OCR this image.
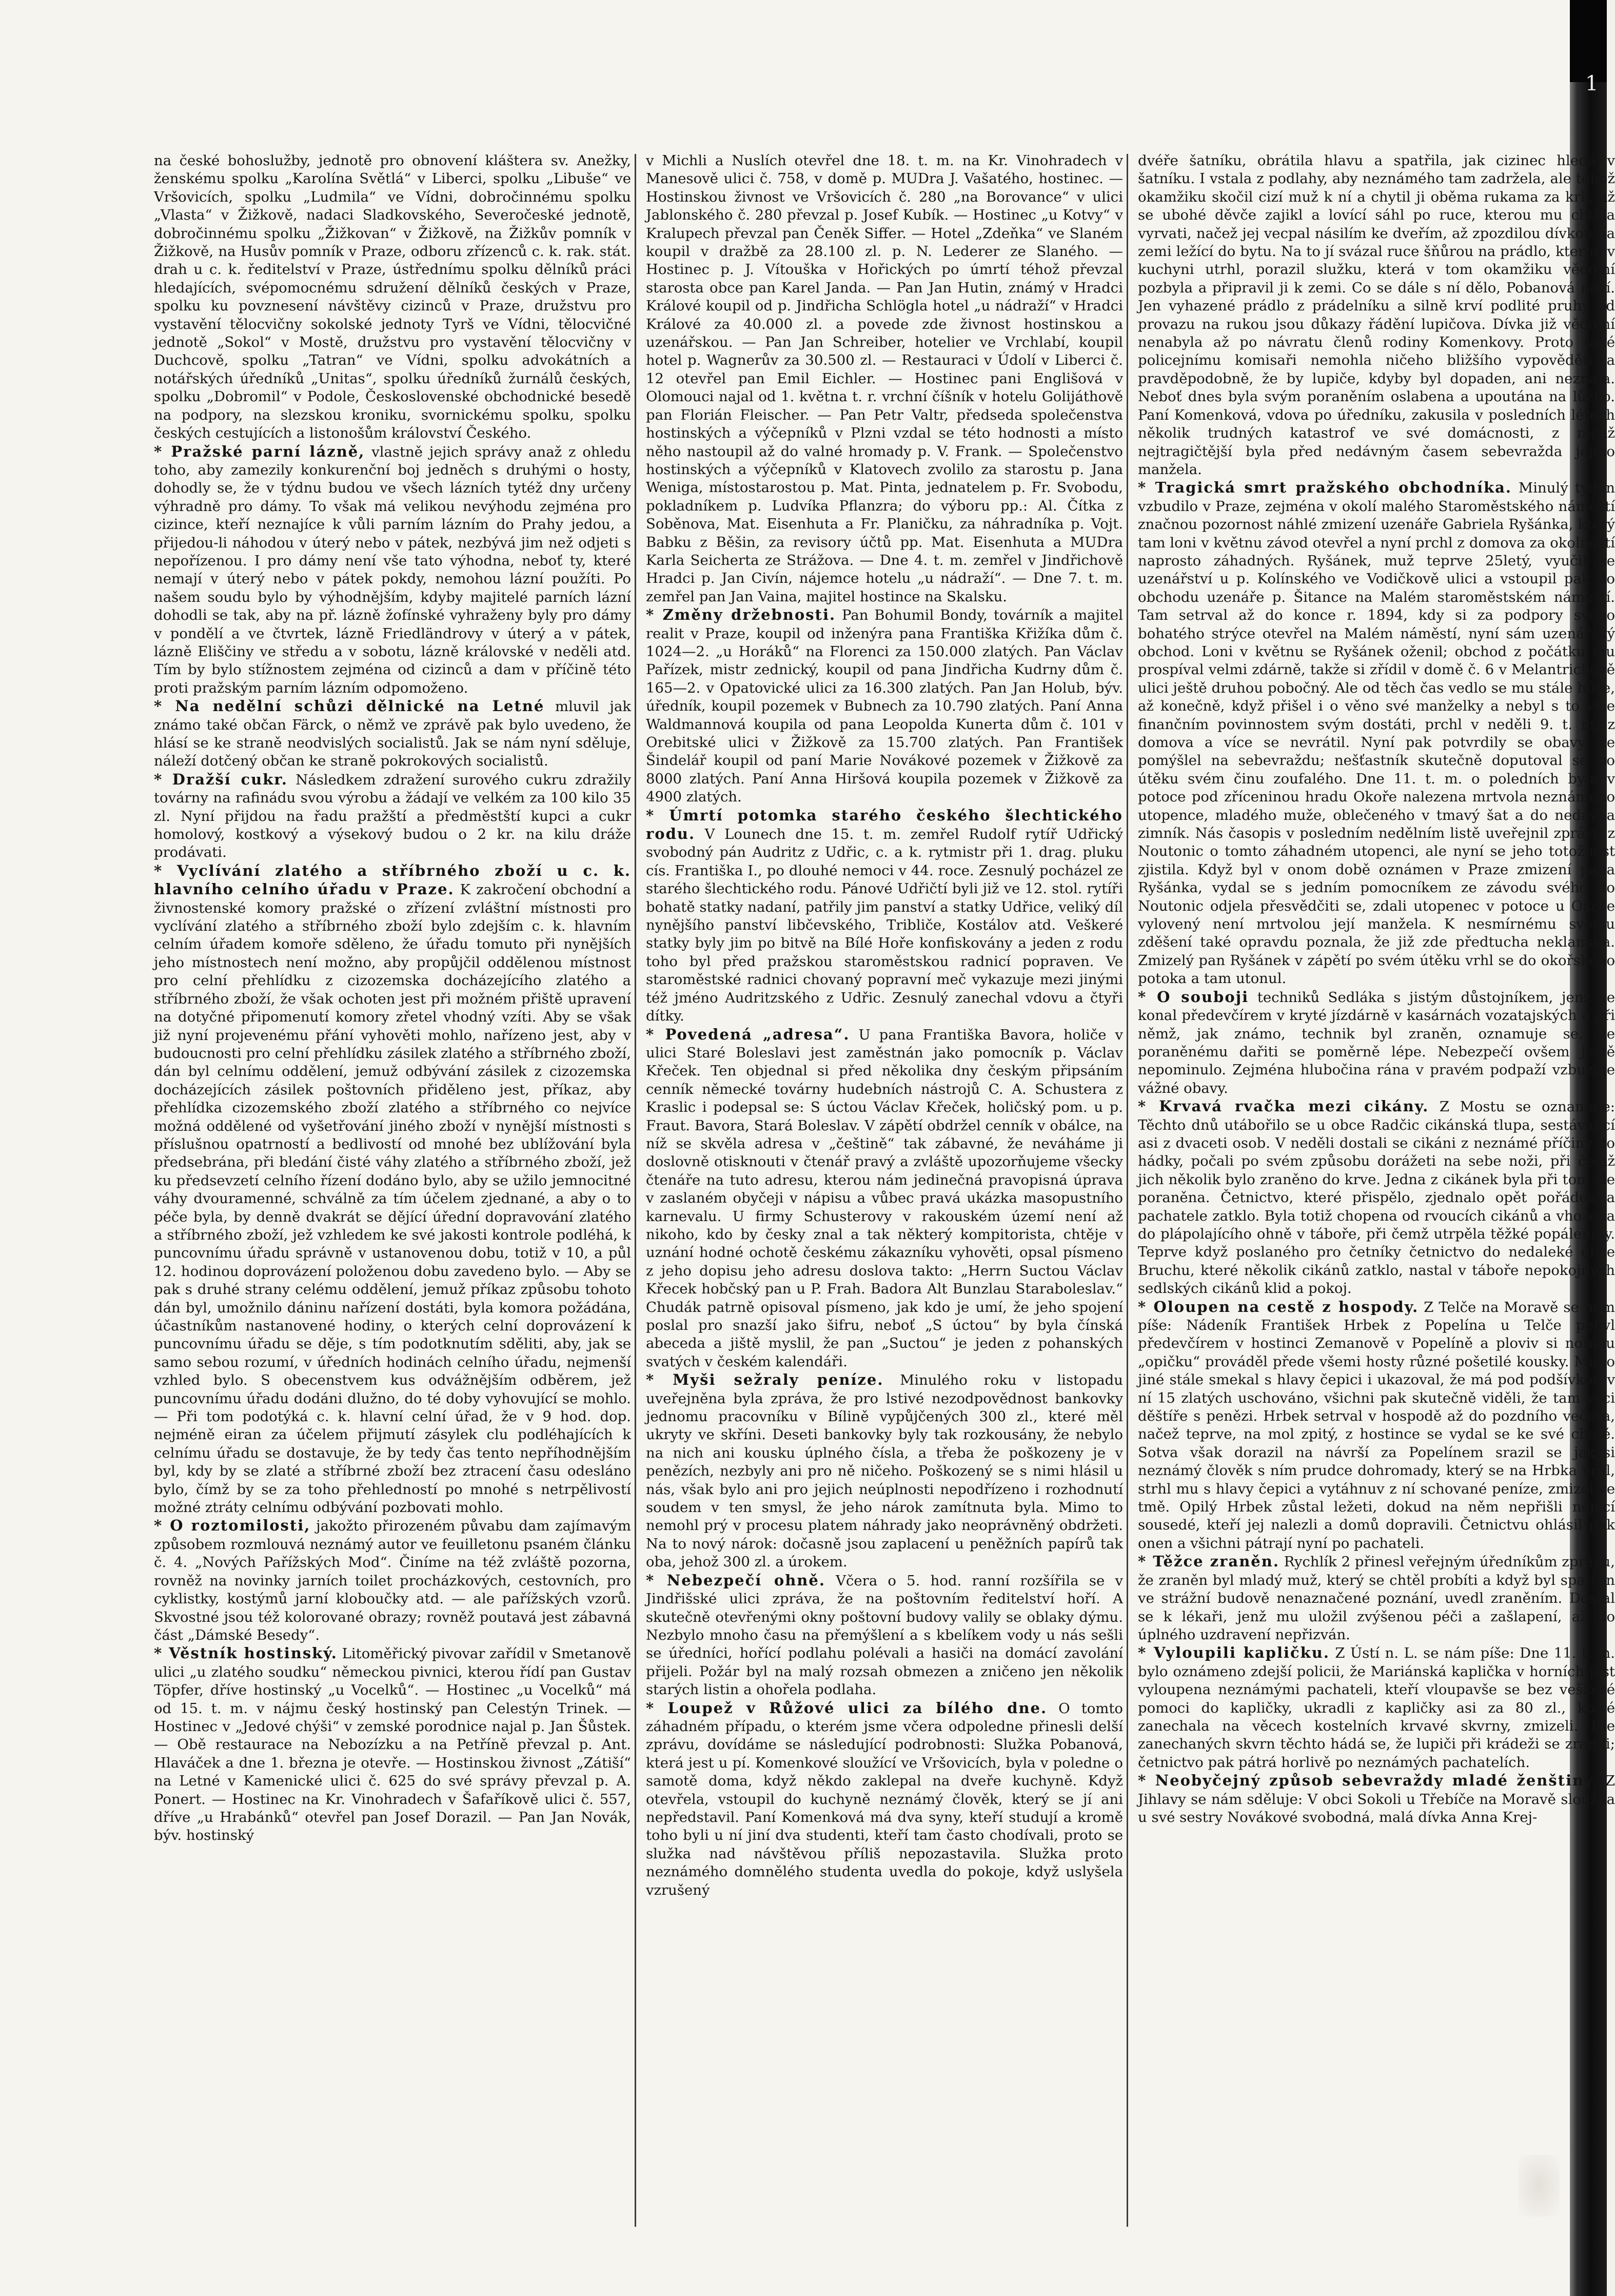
1

na české bohoslužby, jednotě pro obnovení kláštera sv. Anežky, ženskému spolku „Karolína Světlá“ v Liberci, spolku „Libuše“ ve Vršovicích, spolku „Ludmila“ ve Vídni, dobročinnému spolku „Vlasta“ v Žižkově, nadaci Sladkovského, Severočeské jednotě, dobročinnému spolku „Žižkovan“ v Žižkově, na Žižkův pomník v Žižkově, na Husův pomník v Praze, odboru zřízenců c. k. rak. stát. drah u c. k. ředitelství v Praze, ústřednímu spolku dělníků práci hledajících, svépomocnému sdružení dělníků českých v Praze, spolku ku povznesení návštěvy cizinců v Praze, družstvu pro vystavění tělocvičny sokolské jednoty Tyrš ve Vídni, tělocvičné jednotě „Sokol“ v Mostě, družstvu pro vystavění tělocvičny v Duchcově, spolku „Tatran“ ve Vídni, spolku advokátních a notářských úředníků „Unitas“, spolku úředníků žurnálů českých, spolku „Dobromil“ v Podole, Československé obchodnické besedě na podpory, na slezskou kroniku, svornickému spolku, spolku českých cestujících a listonošům království Českého.

* Pražské parní lázně, vlastně jejich správy anaž z ohledu toho, aby zamezily konkurenční boj jedněch s druhými o hosty, dohodly se, že v týdnu budou ve všech lázních tytéž dny určeny výhradně pro dámy. To však má velikou nevýhodu zejména pro cizince, kteří neznajíce k vůli parním lázním do Prahy jedou, a přijedou-li náhodou v úterý nebo v pátek, nezbývá jim než odjeti s nepořízenou. I pro dámy není vše tato výhodna, neboť ty, které nemají v úterý nebo v pátek pokdy, nemohou lázní použíti. Po našem soudu bylo by výhodnějším, kdyby majitelé parních lázní dohodli se tak, aby na př. lázně žofínské vyhraženy byly pro dámy v pondělí a ve čtvrtek, lázně Friedländrovy v úterý a v pátek, lázně Eliščiny ve středu a v sobotu, lázně královské v neděli atd. Tím by bylo stížnostem zejména od cizinců a dam v příčině této proti pražským parním lázním odpomoženo.

* Na nedělní schůzi dělnické na Letné mluvil jak známo také občan Färck, o němž ve zprávě pak bylo uvedeno, že hlásí se ke straně neodvislých socialistů. Jak se nám nyní sděluje, náleží dotčený občan ke straně pokrokových socialistů.

* Dražší cukr. Následkem zdražení surového cukru zdražily továrny na rafinádu svou výrobu a žádají ve velkém za 100 kilo 35 zl. Nyní přijdou na řadu pražští a předměstští kupci a cukr homolový, kostkový a výsekový budou o 2 kr. na kilu dráže prodávati.

* Vyclívání zlatého a stříbrného zboží u c. k. hlavního celního úřadu v Praze. K zakročení obchodní a živnostenské komory pražské o zřízení zvláštní místnosti pro vyclívání zlatého a stříbrného zboží bylo zdejším c. k. hlavním celním úřadem komoře sděleno, že úřadu tomuto při nynějších jeho místnostech není možno, aby propůjčil oddělenou místnost pro celní přehlídku z cizozemska docházejícího zlatého a stříbrného zboží, že však ochoten jest při možném přiště upravení na dotyčné připomenutí komory zřetel vhodný vzíti. Aby se však již nyní projevenému přání vyhověti mohlo, nařízeno jest, aby v budoucnosti pro celní přehlídku zásilek zlatého a stříbrného zboží, dán byl celnímu oddělení, jemuž odbývání zásilek z cizozemska docházejících zásilek poštovních přiděleno jest, příkaz, aby přehlídka cizozemského zboží zlatého a stříbrného co nejvíce možná oddělené od vyšetřování jiného zboží v nynější místnosti s příslušnou opatrností a bedlivostí od mnohé bez ublížování byla předsebrána, při bledání čisté váhy zlatého a stříbrného zboží, jež ku předsevzetí celního řízení dodáno bylo, aby se užilo jemnocitné váhy dvouramenné, schválně za tím účelem zjednané, a aby o to péče byla, by denně dvakrát se dějící úřední dopravování zlatého a stříbrného zboží, jež vzhledem ke své jakosti kontrole podléhá, k puncovnímu úřadu správně v ustanovenou dobu, totiž v 10, a půl 12. hodinou doprovázení položenou dobu zavedeno bylo. — Aby se pak s druhé strany celému oddělení, jemuž příkaz způsobu tohoto dán byl, umožnilo dáninu nařízení dostáti, byla komora požádána, účastníkům nastanovené hodiny, o kterých celní doprovázení k puncovnímu úřadu se děje, s tím podotknutím sděliti, aby, jak se samo sebou rozumí, v úředních hodinách celního úřadu, nejmenší vzhled bylo. S obecenstvem kus odvážnějším odběrem, jež puncovnímu úřadu dodáni dlužno, do té doby vyhovující se mohlo. — Při tom podotýká c. k. hlavní celní úřad, že v 9 hod. dop. nejméně eiran za účelem přijmutí zásylek clu podléhajících k celnímu úřadu se dostavuje, že by tedy čas tento nepříhodnějším byl, kdy by se zlaté a stříbrné zboží bez ztracení času odesláno bylo, čímž by se za toho přehledností po mnohé s netrpělivostí možné ztráty celnímu odbývání pozbovati mohlo.

* O roztomilosti, jakožto přirozeném půvabu dam zajímavým způsobem rozmlouvá neznámý autor ve feuilletonu psaném článku č. 4. „Nových Pařížských Mod“. Činíme na též zvláště pozorna, rovněž na novinky jarních toilet procházkových, cestovních, pro cyklistky, kostýmů jarní kloboučky atd. — ale pařížských vzorů. Skvostné jsou též kolorované obrazy; rovněž poutavá jest zábavná část „Dámské Besedy“.

* Věstník hostinský. Litoměřický pivovar zařídil v Smetanově ulici „u zlatého soudku“ německou pivnici, kterou řídí pan Gustav Töpfer, dříve hostinský „u Vocelků“. — Hostinec „u Vocelků“ má od 15. t. m. v nájmu český hostinský pan Celestýn Trinek. — Hostinec v „Jedové chýši“ v zemské porodnice najal p. Jan Šůstek. — Obě restaurace na Nebozízku a na Petříně převzal p. Ant. Hlaváček a dne 1. března je otevře. — Hostinskou živnost „Zátiší“ na Letné v Kamenické ulici č. 625 do své správy převzal p. A. Ponert. — Hostinec na Kr. Vinohradech v Šafaříkově ulici č. 557, dříve „u Hrabánků“ otevřel pan Josef Dorazil. — Pan Jan Novák, býv. hostinský

v Michli a Nuslích otevřel dne 18. t. m. na Kr. Vinohradech v Manesově ulici č. 758, v domě p. MUDra J. Vašatého, hostinec. — Hostinskou živnost ve Vršovicích č. 280 „na Borovance“ v ulici Jablonského č. 280 převzal p. Josef Kubík. — Hostinec „u Kotvy“ v Kralupech převzal pan Čeněk Siffer. — Hotel „Zdeňka“ ve Slaném koupil v dražbě za 28.100 zl. p. N. Lederer ze Slaného. — Hostinec p. J. Vítouška v Hořických po úmrtí téhož převzal starosta obce pan Karel Janda. — Pan Jan Hutin, známý v Hradci Králové koupil od p. Jindřicha Schlögla hotel „u nádraží“ v Hradci Králové za 40.000 zl. a povede zde živnost hostinskou a uzenářskou. — Pan Jan Schreiber, hotelier ve Vrchlabí, koupil hotel p. Wagnerův za 30.500 zl. — Restauraci v Údolí v Liberci č. 12 otevřel pan Emil Eichler. — Hostinec pani Englišová v Olomouci najal od 1. května t. r. vrchní číšník v hotelu Golijáthově pan Florián Fleischer. — Pan Petr Valtr, předseda společenstva hostinských a výčepníků v Plzni vzdal se této hodnosti a místo něho nastoupil až do valné hromady p. V. Frank. — Společenstvo hostinských a výčepníků v Klatovech zvolilo za starostu p. Jana Weniga, místostarostou p. Mat. Pinta, jednatelem p. Fr. Svobodu, pokladníkem p. Ludvíka Pflanzra; do výboru pp.: Al. Čítka z Soběnova, Mat. Eisenhuta a Fr. Planičku, za náhradníka p. Vojt. Babku z Běšin, za revisory účtů pp. Mat. Eisenhuta a MUDra Karla Seicherta ze Strážova. — Dne 4. t. m. zemřel v Jindřichově Hradci p. Jan Civín, nájemce hotelu „u nádraží“. — Dne 7. t. m. zemřel pan Jan Vaina, majitel hostince na Skalsku.

* Změny držebnosti. Pan Bohumil Bondy, továrník a majitel realit v Praze, koupil od inženýra pana Františka Křižíka dům č. 1024—2. „u Horáků“ na Florenci za 150.000 zlatých. Pan Václav Pařízek, mistr zednický, koupil od pana Jindřicha Kudrny dům č. 165—2. v Opatovické ulici za 16.300 zlatých. Pan Jan Holub, býv. úředník, koupil pozemek v Bubnech za 10.790 zlatých. Paní Anna Waldmannová koupila od pana Leopolda Kunerta dům č. 101 v Orebitské ulici v Žižkově za 15.700 zlatých. Pan František Šindelář koupil od paní Marie Novákové pozemek v Žižkově za 8000 zlatých. Paní Anna Hiršová koupila pozemek v Žižkově za 4900 zlatých.

* Úmrtí potomka starého českého šlechtického rodu. V Lounech dne 15. t. m. zemřel Rudolf rytíř Udřický svobodný pán Audritz z Udřic, c. a k. rytmistr při 1. drag. pluku cís. Františka I., po dlouhé nemoci v 44. roce. Zesnulý pocházel ze starého šlechtického rodu. Pánové Udřičtí byli již ve 12. stol. rytíři bohatě statky nadaní, patřily jim panství a statky Udřice, veliký díl nynějšího panství libčevského, Tribliče, Kostálov atd. Veškeré statky byly jim po bitvě na Bílé Hoře konfiskovány a jeden z rodu toho byl před pražskou staroměstskou radnicí popraven. Ve staroměstské radnici chovaný popravní meč vykazuje mezi jinými též jméno Audritzského z Udřic. Zesnulý zanechal vdovu a čtyři dítky.

* Povedená „adresa“. U pana Františka Bavora, holiče v ulici Staré Boleslavi jest zaměstnán jako pomocník p. Václav Křeček. Ten objednal si před několika dny českým připsáním cenník německé továrny hudebních nástrojů C. A. Schustera z Kraslic i podepsal se: S úctou Václav Křeček, holičský pom. u p. Fraut. Bavora, Stará Boleslav. V zápětí obdržel cenník v obálce, na níž se skvěla adresa v „češtině“ tak zábavné, že neváháme ji doslovně otisknouti v čtenář pravý a zvláště upozorňujeme všecky čtenáře na tuto adresu, kterou nám jedinečná pravopisná úprava v zaslaném obyčeji v nápisu a vůbec pravá ukázka masopustního karnevalu. U firmy Schusterovy v rakouském území není až nikoho, kdo by česky znal a tak některý kompitorista, chtěje v uznání hodné ochotě českému zákazníku vyhověti, opsal písmeno z jeho dopisu jeho adresu doslova takto: „Herrn Suctou Václav Křecek hobčský pan u P. Frah. Badora Alt Bunzlau Staraboleslav.“ Chudák patrně opisoval písmeno, jak kdo je umí, že jeho spojení poslal pro snazší jako šifru, neboť „S úctou“ by byla čínská abeceda a jiště myslil, že pan „Suctou“ je jeden z pohanských svatých v českém kalendáři.

* Myši sežraly peníze. Minulého roku v listopadu uveřejněna byla zpráva, že pro lstivé nezodpovědnost bankovky jednomu pracovníku v Bílině vypůjčených 300 zl., které měl ukryty ve skříni. Deseti bankovky byly tak rozkousány, že nebylo na nich ani kousku úplného čísla, a třeba že poškozeny je v penězích, nezbyly ani pro ně ničeho. Poškozený se s nimi hlásil u nás, však bylo ani pro jejich neúplnosti nepodřízeno i rozhodnutí soudem v ten smysl, že jeho nárok zamítnuta byla. Mimo to nemohl prý v procesu platem náhrady jako neoprávněný obdržeti. Na to nový nárok: dočasně jsou zaplacení u peněžních papírů tak oba, jehož 300 zl. a úrokem.

* Nebezpečí ohně. Včera o 5. hod. ranní rozšířila se v Jindřišské ulici zpráva, že na poštovním ředitelství hoří. A skutečně otevřenými okny poštovní budovy valily se oblaky dýmu. Nezbylo mnoho času na přemýšlení a s kbelíkem vody u nás sešli se úředníci, hořící podlahu polévali a hasiči na domácí zavolání přijeli. Požár byl na malý rozsah obmezen a zničeno jen několik starých listin a ohořela podlaha.

* Loupež v Růžové ulici za bílého dne. O tomto záhadném případu, o kterém jsme včera odpoledne přinesli delší zprávu, dovídáme se následující podrobnosti: Služka Pobanová, která jest u pí. Komenkové sloužící ve Vršovicích, byla v poledne o samotě doma, když někdo zaklepal na dveře kuchyně. Když otevřela, vstoupil do kuchyně neznámý člověk, který se jí ani nepředstavil. Paní Komenková má dva syny, kteří studují a kromě toho byli u ní jiní dva studenti, kteří tam často chodívali, proto se služka nad návštěvou příliš nepozastavila. Služka proto neznámého domnělého studenta uvedla do pokoje, když uslyšela vzrušený

dvéře šatníku, obrátila hlavu a spatřila, jak cizinec hledá v šatníku. I vstala z podlahy, aby neznámého tam zadržela, ale téhož okamžiku skočil cizí muž k ní a chytil ji oběma rukama za krk, až se ubohé děvče zajikl a lovící sáhl po ruce, kterou mu chtěla vyrvati, načež jej vecpal násilím ke dveřím, až zpozdilou dívkou na zemi ležící do bytu. Na to jí svázal ruce šňůrou na prádlo, kterou v kuchyni utrhl, porazil služku, která v tom okamžiku vědomí pozbyla a připravil ji k zemi. Co se dále s ní dělo, Pobanová neví. Jen vyhazené prádlo z prádelníku a silně krví podlité pruhy od provazu na rukou jsou důkazy řádění lupičova. Dívka již vědomí nenabyla až po návratu členů rodiny Komenkovy. Proto také policejnímu komisaři nemohla ničeho bližšího vypověděti a pravděpodobně, že by lupiče, kdyby byl dopaden, ani neznala. Neboť dnes byla svým poraněním oslabena a upoutána na lůžko. Paní Komenková, vdova po úředníku, zakusila v posledních létech několik trudných katastrof ve své domácnosti, z nichž nejtragičtější byla před nedávným časem sebevražda jejího manžela.

* Tragická smrt pražského obchodníka. Minulý týden vzbudilo v Praze, zejména v okolí malého Staroměstského náměstí značnou pozornost náhlé zmizení uzenáře Gabriela Ryšánka, který tam loni v květnu závod otevřel a nyní prchl z domova za okolností naprosto záhadných. Ryšánek, muž teprve 25letý, vyučil se uzenářství u p. Kolínského ve Vodičkově ulici a vstoupil pak do obchodu uzenáře p. Šitance na Malém staroměstském náměstí. Tam setrval až do konce r. 1894, kdy si za podpory svého bohatého strýce otevřel na Malém náměstí, nyní sám uzenářský obchod. Loni v květnu se Ryšánek oženil; obchod z počátku mu prospíval velmi zdárně, takže si zřídil v domě č. 6 v Melantrichově ulici ještě druhou pobočný. Ale od těch čas vedlo se mu stále hůře, až konečně, když přišel i o věno své manželky a nebyl s to více finančním povinnostem svým dostáti, prchl v neděli 9. t. m. z domova a více se nevrátil. Nyní pak potvrdily se obavy, že pomýšlel na sebevraždu; nešťastník skutečně doputoval se po útěku svém činu zoufalého. Dne 11. t. m. o poledních byla v potoce pod zříceninou hradu Okoře nalezena mrtvola neznámého utopence, mladého muže, oblečeného v tmavý šat a do nedávna zimník. Nás časopis v posledním nedělním listě uveřejnil zprávu z Noutonic o tomto záhadném utopenci, ale nyní se jeho totožnost zjistila. Když byl v onom době oznámen v Praze zmizení pana Ryšánka, vydal se s jedním pomocníkem ze závodu svého do Noutonic odjela přesvědčiti se, zdali utopenec v potoce u Okoře vylovený není mrtvolou její manžela. K nesmírnému svému zděšení také opravdu poznala, že již zde předtucha neklamala. Zmizelý pan Ryšánek v zápětí po svém útěku vrhl se do okořského potoka a tam utonul.

* O souboji techniků Sedláka s jistým důstojníkem, jenž se konal předevčírem v kryté jízdárně v kasárnách vozatajských a při němž, jak známo, technik byl zraněn, oznamuje se, že poraněnému dařiti se poměrně lépe. Nebezpečí ovšem ještě nepominulo. Zejména hlubočina rána v pravém podpaží vzbuzuje vážné obavy.

* Krvavá rvačka mezi cikány. Z Mostu se oznamuje: Těchto dnů utábořilo se u obce Radčic cikánská tlupa, sestávající asi z dvaceti osob. V neděli dostali se cikáni z neznámé příčiny do hádky, počali po svém způsobu dorážeti na sebe noži, při čemž jich několik bylo zraněno do krve. Jedna z cikánek byla při tom zle poraněna. Četnictvo, které přispělo, zjednalo opět pořádek a pachatele zatklo. Byla totiž chopena od rvoucích cikánů a vhozena do plápolajícího ohně v táboře, při čemž utrpěla těžké popáleniny. Teprve když poslaného pro četníky četnictvo do nedaleké obce Bruchu, které několik cikánů zatklo, nastal v táboře nepokojných sedlských cikánů klid a pokoj.

* Oloupen na cestě z hospody. Z Telče na Moravě se nám píše: Nádeník František Hrbek z Popelína u Telče pobyl předevčírem v hostinci Zemanově v Popelíně a ploviv si notnou „opičku“ prováděl přede všemi hosty různé pošetilé kousky. Mimo jiné stále smekal s hlavy čepici i ukazoval, že má pod podšívkou v ní 15 zlatých uschováno, všichni pak skutečně viděli, že tam věci děštíře s penězi. Hrbek setrval v hospodě až do pozdního večera, načež teprve, na mol zpitý, z hostince se vydal se ke své chatě. Sotva však dorazil na návrší za Popelínem srazil se jakýsi neznámý člověk s ním prudce dohromady, který se na Hrbka vrhl, strhl mu s hlavy čepici a vytáhnuv z ní schované peníze, zmizel ve tmě. Opilý Hrbek zůstal ležeti, dokud na něm nepřišli nějací sousedé, kteří jej nalezli a domů dopravili. Četnictvu ohlásil pak onen a všichni pátrají nyní po pachateli.

* Těžce zraněn. Rychlík 2 přinesl veřejným úředníkům zprávu, že zraněn byl mladý muž, který se chtěl probíti a když byl spatřen ve strážní budově nenaznačené poznání, uvedl zraněním. Dostal se k lékaři, jenž mu uložil zvýšenou péči a zašlapení, až do úplného uzdravení nepřizván.

* Vyloupili kapličku. Z Ústí n. L. se nám píše: Dne 11. t. m. bylo oznámeno zdejší policii, že Mariánská kaplička v horních jest vyloupena neznámými pachateli, kteří vloupavše se bez veškeré pomoci do kapličky, ukradli z kapličky asi za 80 zl., které zanechala na věcech kostelních krvavé skvrny, zmizeli. Dle zanechaných skvrn těchto hádá se, že lupiči při krádeži se zranili; četnictvo pak pátrá horlivě po neznámých pachatelích.

* Neobyčejný způsob sebevraždy mladé ženštiny. Z Jihlavy se nám sděluje: V obci Sokoli u Třebíče na Moravě sloužila u své sestry Novákové svobodná, malá dívka Anna Krej-
